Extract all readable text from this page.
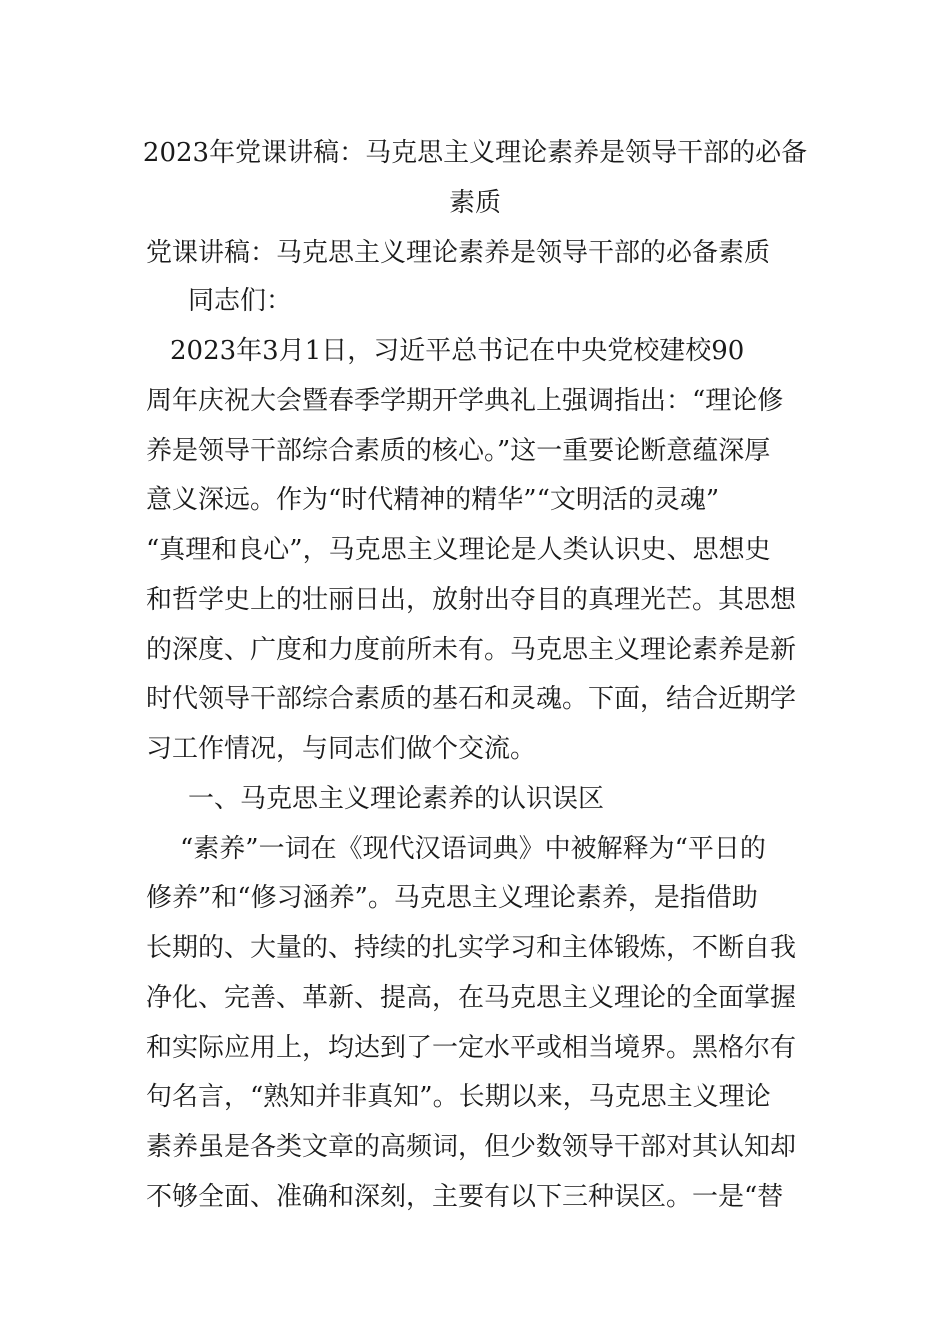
2023年党课讲稿：马克思主义理论素养是领导干部的必备
素质
党课讲稿：马克思主义理论素养是领导干部的必备素质
同志们：
2023年3月1日，习近平总书记在中央党校建校90
周年庆祝大会暨春季学期开学典礼上强调指出：“理论修
养是领导干部综合素质的核心。”这一重要论断意蕴深厚
意义深远。作为“时代精神的精华”“文明活的灵魂”
“真理和良心”，马克思主义理论是人类认识史、思想史
和哲学史上的壮丽日出，放射出夺目的真理光芒。其思想
的深度、广度和力度前所未有。马克思主义理论素养是新
时代领导干部综合素质的基石和灵魂。下面，结合近期学
习工作情况，与同志们做个交流。
一、马克思主义理论素养的认识误区
“素养”一词在《现代汉语词典》中被解释为“平日的
修养”和“修习涵养”。马克思主义理论素养，是指借助
长期的、大量的、持续的扎实学习和主体锻炼，不断自我
净化、完善、革新、提高，在马克思主义理论的全面掌握
和实际应用上，均达到了一定水平或相当境界。黑格尔有
句名言，“熟知并非真知”。长期以来，马克思主义理论
素养虽是各类文章的高频词，但少数领导干部对其认知却
不够全面、准确和深刻，主要有以下三种误区。一是“替
